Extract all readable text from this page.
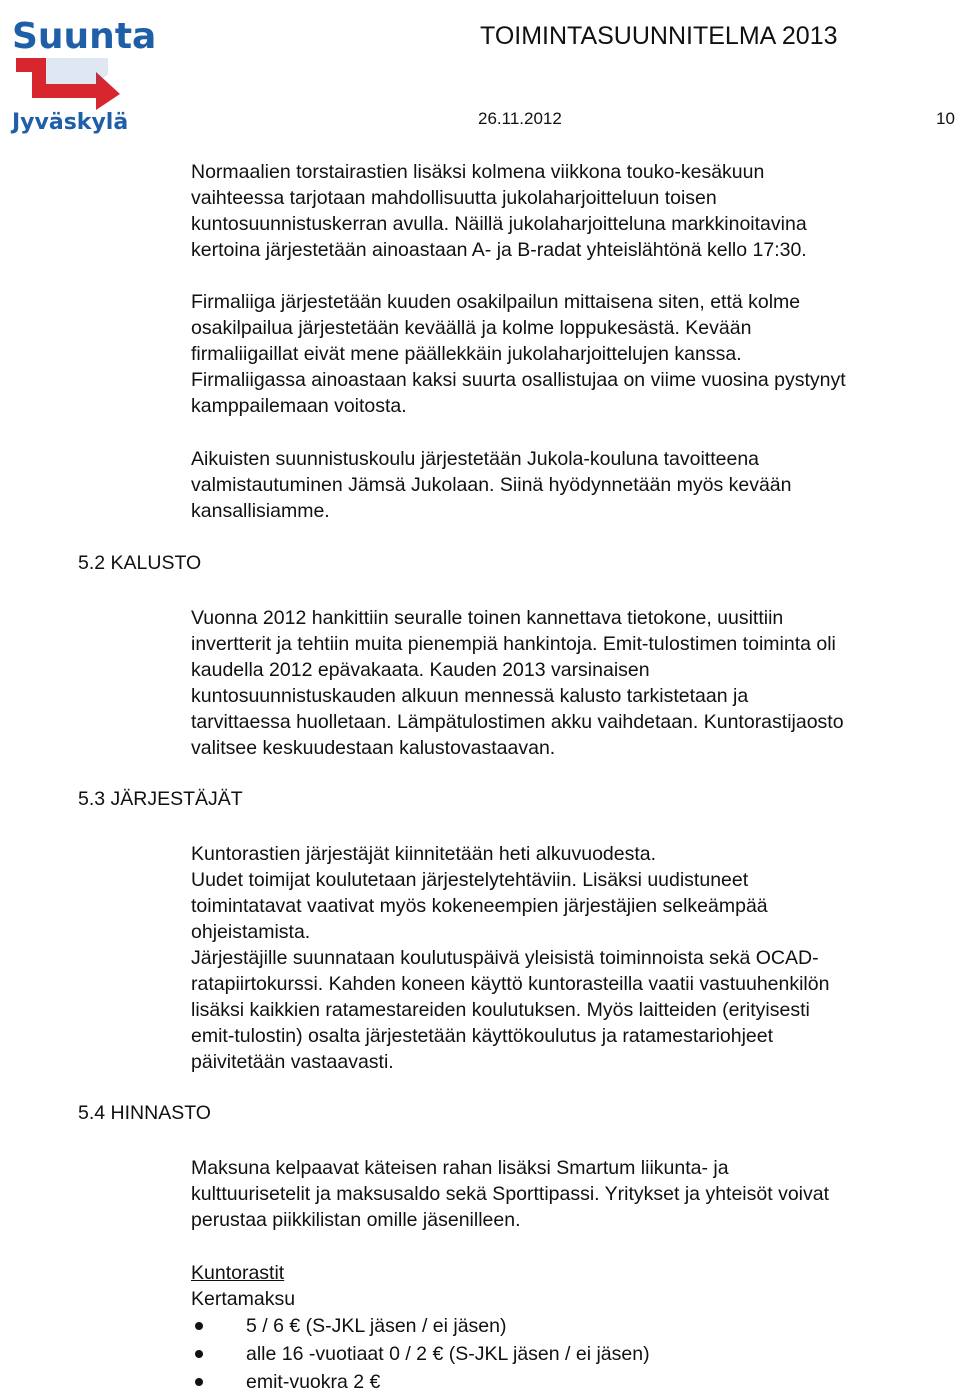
Suunta
Jyväskylä
TOIMINTASUUNNITELMA 2013
26.11.2012	10
Normaalien torstairastien lisäksi kolmena viikkona touko-kesäkuun
vaihteessa tarjotaan mahdollisuutta jukolaharjoitteluun toisen
kuntosuunnistuskerran avulla. Näillä jukolaharjoitteluna markkinoitavina
kertoina järjestetään ainoastaan A- ja B-radat yhteislähtönä kello 17:30.
Firmaliiga järjestetään kuuden osakilpailun mittaisena siten, että kolme
osakilpailua järjestetään keväällä ja kolme loppukesästä. Kevään
firmaliigaillat eivät mene päällekkäin jukolaharjoittelujen kanssa.
Firmaliigassa ainoastaan kaksi suurta osallistujaa on viime vuosina pystynyt
kamppailemaan voitosta.
Aikuisten suunnistuskoulu järjestetään Jukola-kouluna tavoitteena
valmistautuminen Jämsä Jukolaan. Siinä hyödynnetään myös kevään
kansallisiamme.
5.2 KALUSTO
Vuonna 2012 hankittiin seuralle toinen kannettava tietokone, uusittiin
invertterit ja tehtiin muita pienempiä hankintoja. Emit-tulostimen toiminta oli
kaudella 2012 epävakaata. Kauden 2013 varsinaisen
kuntosuunnistuskauden alkuun mennessä kalusto tarkistetaan ja
tarvittaessa huolletaan. Lämpätulostimen akku vaihdetaan. Kuntorastijaosto
valitsee keskuudestaan kalustovastaavan.
5.3 JÄRJESTÄJÄT
Kuntorastien järjestäjät kiinnitetään heti alkuvuodesta.
Uudet toimijat koulutetaan järjestelytehtäviin. Lisäksi uudistuneet
toimintatavat vaativat myös kokeneempien järjestäjien selkeämpää
ohjeistamista.
Järjestäjille suunnataan koulutuspäivä yleisistä toiminnoista sekä OCAD-
ratapiirtokurssi. Kahden koneen käyttö kuntorasteilla vaatii vastuuhenkilön
lisäksi kaikkien ratamestareiden koulutuksen. Myös laitteiden (erityisesti
emit-tulostin) osalta järjestetään käyttökoulutus ja ratamestariohjeet
päivitetään vastaavasti.
5.4 HINNASTO
Maksuna kelpaavat käteisen rahan lisäksi Smartum liikunta- ja
kulttuurisetelit ja maksusaldo sekä Sporttipassi. Yritykset ja yhteisöt voivat
perustaa piikkilistan omille jäsenilleen.
Kuntorastit
Kertamaksu
5 / 6 € (S-JKL jäsen / ei jäsen)
alle 16 -vuotiaat 0 / 2 € (S-JKL jäsen / ei jäsen)
emit-vuokra 2 €
